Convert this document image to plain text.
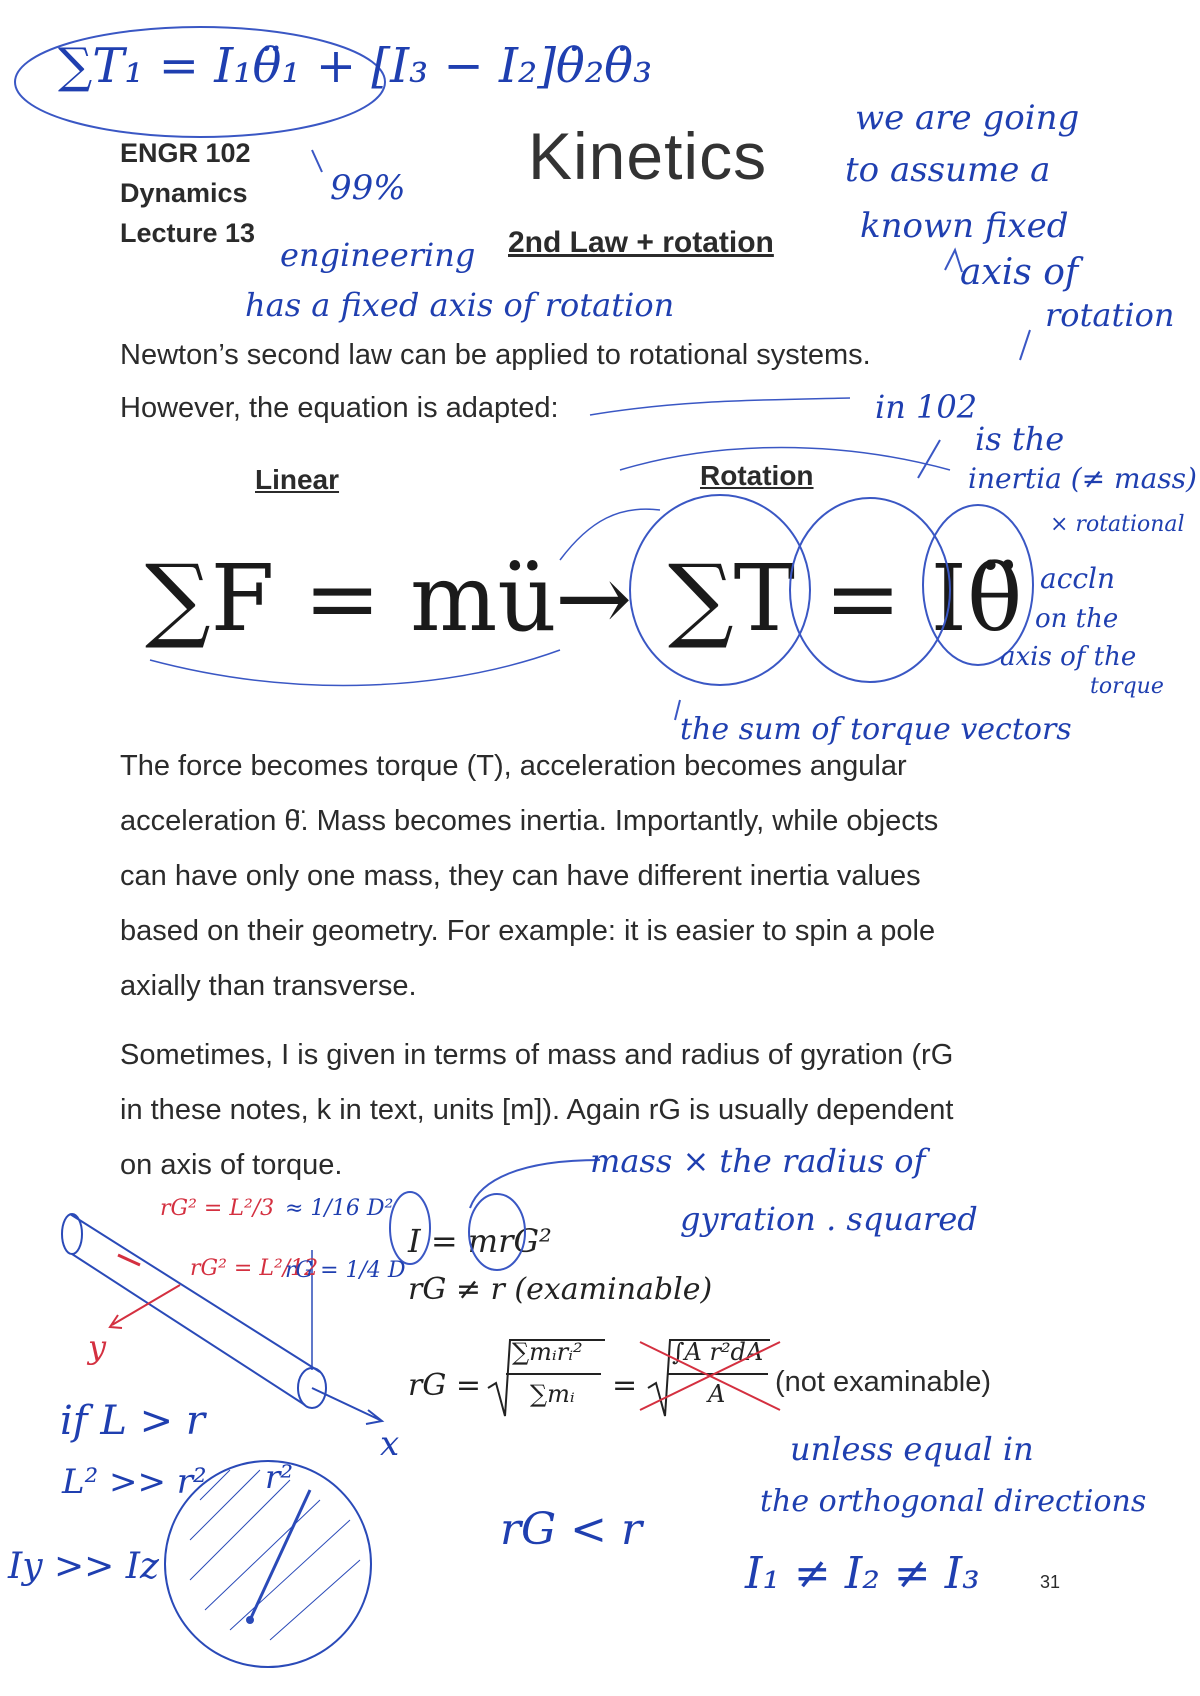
ENGR 102
Dynamics
Lecture 13
Kinetics
2nd Law + rotation
Newton’s second law can be applied to rotational systems.
However, the equation is adapted:
Linear	Rotation
∑F = mü
→ ∑T = Iθ̈
The force becomes torque (T), acceleration becomes angular
acceleration θ̈. Mass becomes inertia. Importantly, while objects
can have only one mass, they can have different inertia values
based on their geometry. For example: it is easier to spin a pole
axially than transverse.
Sometimes, I is given in terms of mass and radius of gyration (rG
in these notes, k in text, units [m]). Again rG is usually dependent
on axis of torque.
I = mrG²
rG ≠ r (examinable)
rG =
∑mᵢrᵢ²
∑mᵢ =
∫A r²dA
A (not examinable)
31
∑T₁ = I₁θ̈₁ + [I₃ − I₂]θ̇₂θ̇₃
99%
engineering
has a fixed axis of rotation
we are going
to assume a
known fixed
axis of
rotation
in 102
is the
inertia (≠ mass)
× rotational
accln
on the
axis of the
torque
the sum of torque vectors
mass × the radius of
gyration . squared
unless equal in
the orthogonal directions
I₁ ≠ I₂ ≠ I₃
rG < r
if L > r
L² >> r²
Iy >> Iz
r²
x
y
rG² = L²/3
rG² = L²/12
≈ 1/16 D²
rG = 1/4 D
